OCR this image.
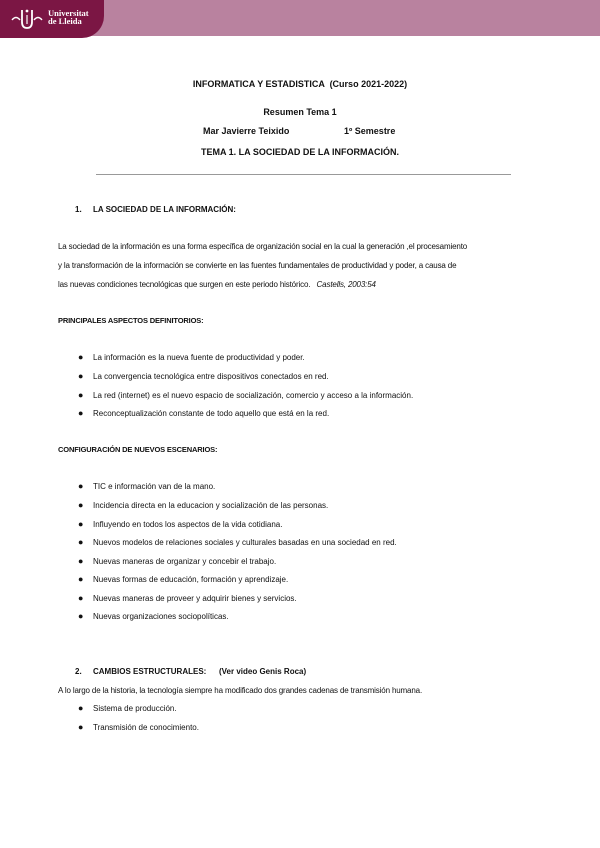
Universitat
de Lleida
INFORMATICA Y ESTADISTICA (Curso 2021-2022)
Resumen Tema 1
Mar Javierre Teixido	1º Semestre
TEMA 1. LA SOCIEDAD DE LA INFORMACIÓN.
1. LA SOCIEDAD DE LA INFORMACIÓN:
La sociedad de la información es una forma específica de organización social en la cual la generación ,el procesamiento
y la transformación de la información se convierte en las fuentes fundamentales de productividad y poder, a causa de
las nuevas condiciones tecnológicas que surgen en este periodo histórico. Castells, 2003:54
PRINCIPALES ASPECTOS DEFINITORIOS:
● La información es la nueva fuente de productividad y poder.
● La convergencia tecnológica entre dispositivos conectados en red.
● La red (internet) es el nuevo espacio de socialización, comercio y acceso a la información.
● Reconceptualización constante de todo aquello que está en la red.
CONFIGURACIÓN DE NUEVOS ESCENARIOS:
● TIC e información van de la mano.
● Incidencia directa en la educacion y socialización de las personas.
● Influyendo en todos los aspectos de la vida cotidiana.
● Nuevos modelos de relaciones sociales y culturales basadas en una sociedad en red.
● Nuevas maneras de organizar y concebir el trabajo.
● Nuevas formas de educación, formación y aprendizaje.
● Nuevas maneras de proveer y adquirir bienes y servicios.
● Nuevas organizaciones sociopolíticas.
2. CAMBIOS ESTRUCTURALES: (Ver video Genis Roca)
A lo largo de la historia, la tecnología siempre ha modificado dos grandes cadenas de transmisión humana.
● Sistema de producción.
● Transmisión de conocimiento.
